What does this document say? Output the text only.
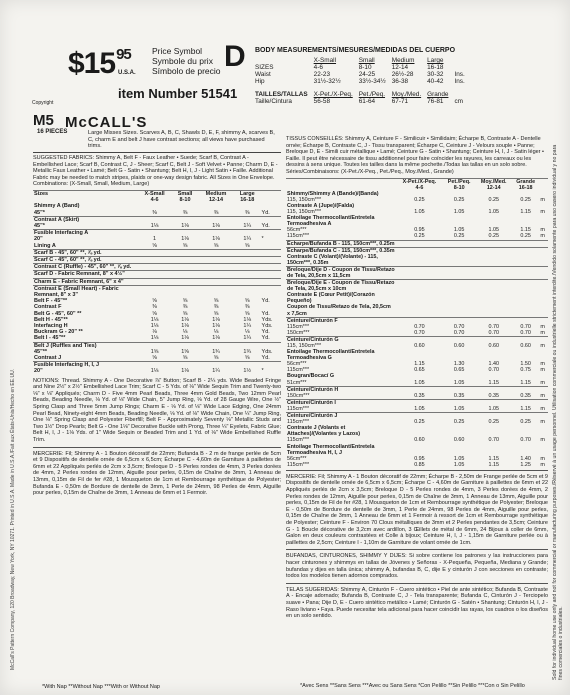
$\$15^{95}$
U.S.A.
Price Symbol
Symbole du prix
Símbolo de precio D
item Number 51541
BODY MEASUREMENTS/MESURES/MEDIDAS DEL CUERPO
	X-Small	Small	Medium	Large	
SIZES	4-6	8-10	12-14	16-18	
Waist	22-23	24-25	26½-28	30-32	Ins.
Hip	31½-32½	33½-34½	36-38	40-42	Ins.

TAILLES/TALLAS	X-Pet./X-Peq.	Pet./Peq.	Moy./Med.	Grande	
Taille/Cintura	56-58	61-64	67-71	76-81	cm
Copyright
M5
16 PIECES
McCALL'S
Large Misses Sizes. Scarves A, B, C, Shawls D, E, F, shimmy A, scarves B, C, charm E and belt J have contrast sections; all views have purchased trims.
SUGGESTED FABRICS: Shimmy A, Belt F - Faux Leather • Suede; Scarf B, Contrast A - Embellished Lace; Scarf B, Contrast C, J - Sheer; Scarf C, Belt J - Soft Velvet • Panne; Charm D, E - Metallic Faux Leather • Lamé; Belt G - Satin • Shantung; Belt H, I, J - Light Satin • Faille. Additional Fabric may be needed to match stripes, plaids or one-way design fabric. All Sizes in One Envelope. Combinations: (X-Small, Small, Medium, Large)
Sizes	X-Small	Small	Medium	Large	
	4-6	8-10	12-14	16-18	
Shimmy A (Band)					
45"*	⅜	⅜	⅜	⅜	Yd.
Contrast A (Skirt)					
45"*	1⅛	1⅛	1⅛	1¼	Yd.
Fusible Interfacing A					
20"	1	1⅛	1⅛	1¼	*
Lining A	⅝	⅝	⅝	⅝	
Scarf B - 45", 60" **, ⅞ yd.					
Scarf C - 45", 60" **, ⅞ yd.					
Contrast C (Ruffle) - 45", 60" **, ⅞ yd.					
Scarf D - Fabric Remnant, 8" x 4½"					
Charm E - Fabric Remnant, 6" x 4"					
Contrast E (Small Heart) - Fabric Remnant, 8" x 3"					
Belt F - 45"**	⅝	⅝	⅝	⅝	Yd.
Contrast F	⅜	⅜	⅜	⅜	
Belt G - 45", 60" **	⅝	⅝	⅝	⅝	Yd.
Belt H - 45"**	1⅛	1⅛	1⅛	1⅛	Yds.
Interfacing H	1⅛	1⅛	1⅛	1¼	Yds.
Buckram G - 20" **	⅛	⅛	⅛	⅛	Yd.
Belt I - 45"**	1⅛	1⅛	1⅛	1¼	Yd.
Belt J (Ruffles and Ties)					
45"**	1⅝	1⅝	1¾	1¾	Yds.
Contrast J	⅝	⅝	⅝	⅝	Yd.
Fusible Interfacing H, I, J					
20"	1⅛	1⅛	1¼	1½	*
NOTIONS: Thread. Shimmy A - One Decorative ⅞" Button; Scarf B - 2¼ yds. Wide Beaded Fringe and Nine 2½" x 2½" Embellished Lace Trim; Scarf C - 5 Yds. of ⅛" Wide Sequin Trim and Twenty-two ⅛" x ⅛" Appliqués; Charm D - Five 4mm Pearl Beads, Three 4mm Gold Beads, Two 12mm Pearl Beads, Beading Needle, ⅛ Yd. of ⅛" Wide Chain, 5" Jump Ring, ⅛ Yd. of 28 Gauge Wire, One ½" Spring Clasp and Three 5mm Jump Rings; Charm E - ⅛ Yd. of ⅛" Wide Lace Edging, One 24mm Pearl Bead, Ninety-eight 4mm Beads, Beading Needle, ⅛ Yd. of ⅛" Wide Chain, One ¼" Jump Ring, One ⅛" Spring Clasp and Polyester Fiberfill; Belt F - Approximately Seventy ⅛" Metallic Studs and Two 1½" Drop Pearls; Belt G - One 1⅛" Decorative Buckle with Prong, Three ¼" Eyelets, Fabric Glue; Belt H, I, J - 1⅛ Yds. of 1" Wide Sequin or Beaded Trim and 1 Yd. of ⅛" Wide Embellished Ruffle Trim.
MERCERIE: Fil; Shimmy A - 1 Bouton décoratif de 22mm; Bufanda B - 2 m de frange perlée de 5cm et 9 Dispositifs de dentelle ornée de 6,5cm x 6,5cm; Écharpe C - 4,60m de Garniture à paillettes de 6mm et 22 Appliqués perlés de 2cm x 3,5cm; Breloque D - 5 Perles rondes de 4mm, 3 Perles dorées de 4mm, 2 Perles rondes de 12mm, Aiguille pour perles, 0,15m de Chaîne de 3mm, 1 Anneau de 13mm, 0,15m de Fil de fer #28, 1 Mousqueton de 1cm et Rembourrage synthétique de Polyester; Bufanda E - 0,50m de Bordure de dentelle de 3mm, 1 Perle de 24mm, 98 Perles de 4mm, Aiguille pour perles, 0,15m de Chaîne de 3mm, 1 Anneau de 6mm et 1 Fermoir.
TISSUS CONSEILLÉS: Shimmy A, Ceinture F - Similicuir • Similidaim; Écharpe B, Contraste A - Dentelle ornée; Écharpe B, Contraste C, J - Tissu transparent; Écharpe C, Ceinture J - Velours souple • Panne; Breloque D, E - Simili cuir métallique • Lamé; Ceinture G - Satin • Shantung; Ceinture H, I, J - Satin léger • Faille. Il peut être nécessaire de tissu additionnel pour faire coïncider les rayures, les carreaux ou les dessins à sens unique. Toutes les tailles dans la même pochette./Todas las tallas en un solo sobre. Séries/Combinaisons: (X-Pet./X-Peq., Pet./Peq., Moy./Med., Grande)
	X-Pet./X-Peq.	Pet./Peq.	Moy./Med.	Grande	
	4-6	8-10	12-14	16-18	
Shimmy/Shimmy A (Bande)/(Banda)					
115, 150cm***	0.25	0.25	0.25	0.25	m
Contraste A (Jupe)/(Falda)					
115, 150cm***	1.05	1.05	1.05	1.15	m
Entoilage Thermocollant/Entretela Termoadhesiva A					
56cm***	0.95	1.05	1.05	1.15	m
115cm***	0.25	0.25	0.25	0.25	m
Écharpe/Bufanda B - 115, 150cm***, 0.25m					
Écharpe/Bufanda C - 115, 150cm***, 0.35m					
Contraste C (Volant)/(Volante) - 115, 150cm***, 0.35m					
Breloque/Dije D - Coupon de Tissu/Retazo de Tela, 20,5cm x 11,5cm					
Breloque/Dije E - Coupon de Tissu/Retazo de Tela, 20,5cm x 10cm					
Contraste E (Cœur Petit)/(Corazón Pequeño)					
Coupon de Tissu/Retazo de Tela, 20,5cm x 7,5cm					
Ceinture/Cinturón F					
115cm***	0.70	0.70	0.70	0.70	m
150cm***	0.70	0.70	0.70	0.70	m
Ceinture/Cinturón G					
115, 150cm***	0.60	0.60	0.60	0.60	m
Entoilage Thermocollant/Entretela Termoadhesiva G					
56cm***	1.15	1.30	1.40	1.50	m
115cm***	0.65	0.65	0.70	0.75	m
Bougran/Bocací G					
51cm***	1.05	1.05	1.15	1.15	m
Ceinture/Cinturón H					
150cm***	0.35	0.35	0.35	0.35	m
Ceinture/Cinturón I					
115cm***	1.05	1.05	1.05	1.15	m
Ceinture/Cinturón J					
115cm***	0.25	0.25	0.25	0.25	m
Contraste J (Volants et Attaches)/(Volantes y Lazos)					
115cm***	0.60	0.60	0.70	0.70	m
Entoilage Thermocollant/Entretela Termoadhesiva H, I, J					
56cm***	0.95	1.05	1.15	1.40	m
115cm***	0.85	1.05	1.15	1.25	m
MERCERIE: Fil; Shimmy A - 1 Bouton décoratif de 22mm; Écharpe B - 2,50m de Frange perlée de 5cm et 9 Dispositifs de dentelle ornée de 6,5cm x 6,5cm; Écharpe C - 4,60m de Garniture à paillettes de 6mm et 22 Appliqués perlés de 2cm x 3,5cm; Breloque D - 5 Perles rondes de 4mm, 3 Perles dorées de 4mm, 2 Perles rondes de 12mm, Aiguille pour perles, 0,15m de Chaîne de 3mm, 1 Anneau de 13mm, Aiguille pour perles, 0,15m de Fil de fer #28, 1 Mousqueton de 1cm et Rembourrage synthétique de Polyester; Breloque E - 0,50m de Bordure de dentelle de 3mm, 1 Perle de 24mm, 98 Perles de 4mm, Aiguille pour perles, 0,15m de Chaîne de 3mm, 1 Anneau de 6mm et 1 Fermoir à ressort de 1cm et Rembourrage synthétique de Polyester; Ceinture F - Environ 70 Clous métalliques de 3mm et 2 Perles pendantes de 3,5cm; Ceinture G - 1 Boucle décorative de 3,2cm avec ardillon, 3 Œillets de métal de 6mm, 24 Bijoux à coller de 6mm, Galon en deux couleurs contrastées et Colle à bijoux; Ceinture H, I, J - 1,15m de Garniture perlée ou à paillettes de 2,5cm; Ceinture I - 1,10m de Garniture de volant ornée de 1cm.
BUFANDAS, CINTURONES, SHIMMY Y DIJES: Si sobre contiene los patrones y las instrucciones para hacer cinturones y shimmys en tallas de Jóvenes y Señoras - X-Pequeña, Pequeña, Mediana y Grande; bufandas y dijes en talla única; shimmy A, bufandas B, C, dije E y cinturón J con secciones en contraste; todos los modelos tienen adornos comprados.
TELAS SUGERIDAS: Shimmy A, Cinturón F - Cuero sintético • Piel de ante sintético; Bufanda B, Contraste A - Encaje adornado; Bufanda B, Contraste C, J - Tela transparente; Bufanda C, Cinturón J - Terciopelo suave • Pana; Dije D, E - Cuero sintético metálico • Lamé; Cinturón G - Satén • Shantung; Cinturón H, I, J - Raso liviano • Faya. Puede necesitar tela adicional para hacer coincidir las rayas, los cuadros o los diseños en un solo sentido.
*With Nap **Without Nap ***With or Without Nap	*Avec Sens **Sans Sens ***Avec ou Sans Sens *Con Pelillo **Sin Pelillo ***Con o Sin Pelillo
Sold for individual home use only and not for commercial or manufacturing purposes./Réservé à un usage personnel. Utilisation commerciale ou industrielle strictement interdite./Vendido solamente para uso casero individual y no para fines comerciales o industriales.
McCall's Pattern Company, 120 Broadway, New York, NY 10271. Printed in U.S.A. Made in U.S.A./Fait aux États-Unis/Hecho en EE.UU.
